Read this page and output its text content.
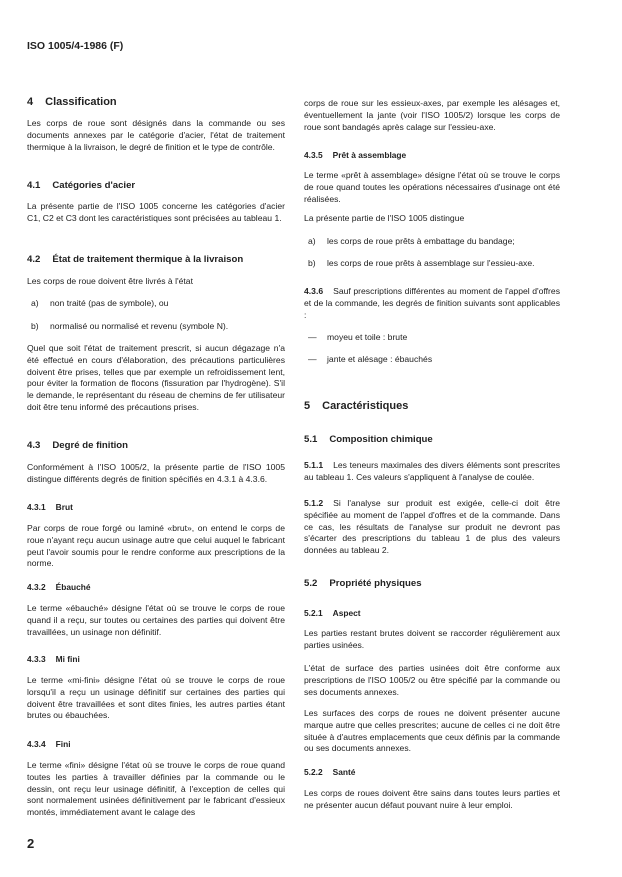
ISO 1005/4-1986 (F)
4 Classification

Les corps de roue sont désignés dans la commande ou ses documents annexes par le catégorie d'acier, l'état de traitement thermique à la livraison, le degré de finition et le type de contrôle.

4.1 Catégories d'acier

La présente partie de l'ISO 1005 concerne les catégories d'acier C1, C2 et C3 dont les caractéristiques sont précisées au tableau 1.

4.2 État de traitement thermique à la livraison

Les corps de roue doivent être livrés à l'état

a) non traité (pas de symbole), ou
b) normalisé ou normalisé et revenu (symbole N).

Quel que soit l'état de traitement prescrit, si aucun dégazage n'a été effectué en cours d'élaboration, des précautions particulières doivent être prises, telles que par exemple un refroidissement lent, pour éviter la formation de flocons (fissuration par l'hydrogène). S'il le demande, le représentant du réseau de chemins de fer utilisateur doit être tenu informé des précautions prises.

4.3 Degré de finition

Conformément à l'ISO 1005/2, la présente partie de l'ISO 1005 distingue différents degrés de finition spécifiés en 4.3.1 à 4.3.6.

4.3.1 Brut

Par corps de roue forgé ou laminé «brut», on entend le corps de roue n'ayant reçu aucun usinage autre que celui auquel le fabricant peut l'avoir soumis pour le rendre conforme aux prescriptions de la norme.

4.3.2 Ébauché

Le terme «ébauché» désigne l'état où se trouve le corps de roue quand il a reçu, sur toutes ou certaines des parties qui doivent être travaillées, un usinage non définitif.

4.3.3 Mi fini

Le terme «mi-fini» désigne l'état où se trouve le corps de roue lorsqu'il a reçu un usinage définitif sur certaines des parties qui doivent être travaillées et sont dites finies, les autres parties étant brutes ou ébauchées.

4.3.4 Fini

Le terme «fini» désigne l'état où se trouve le corps de roue quand toutes les parties à travailler définies par la commande ou le dessin, ont reçu leur usinage définitif, à l'exception de celles qui sont normalement usinées définitivement par le fabricant d'essieux montés, immédiatement avant le calage des

corps de roue sur les essieux-axes, par exemple les alésages et, éventuellement la jante (voir l'ISO 1005/2) lorsque les corps de roue sont bandagés après calage sur l'essieu-axe.

4.3.5 Prêt à assemblage

Le terme «prêt à assemblage» désigne l'état où se trouve le corps de roue quand toutes les opérations nécessaires d'usinage ont été réalisées.

La présente partie de l'ISO 1005 distingue

a) les corps de roue prêts à embattage du bandage;
b) les corps de roue prêts à assemblage sur l'essieu-axe.

4.3.6 Sauf prescriptions différentes au moment de l'appel d'offres et de la commande, les degrés de finition suivants sont applicables :

— moyeu et toile : brute
— jante et alésage : ébauchés
5 Caractéristiques
5.1 Composition chimique

5.1.1 Les teneurs maximales des divers éléments sont prescrites au tableau 1. Ces valeurs s'appliquent à l'analyse de coulée.

5.1.2 Si l'analyse sur produit est exigée, celle-ci doit être spécifiée au moment de l'appel d'offres et de la commande. Dans ce cas, les résultats de l'analyse sur produit ne devront pas s'écarter des prescriptions du tableau 1 de plus des valeurs données au tableau 2.

5.2 Propriété physiques
5.2.1 Aspect

Les parties restant brutes doivent se raccorder régulièrement aux parties usinées.

L'état de surface des parties usinées doit être conforme aux prescriptions de l'ISO 1005/2 ou être spécifié par la commande ou ses documents annexes.

Les surfaces des corps de roues ne doivent présenter aucune marque autre que celles prescrites; aucune de celles ci ne doit être située à d'autres emplacements que ceux définis par la commande ou ses documents annexes.

5.2.2 Santé

Les corps de roues doivent être sains dans toutes leurs parties et ne présenter aucun défaut pouvant nuire à leur emploi.

2
